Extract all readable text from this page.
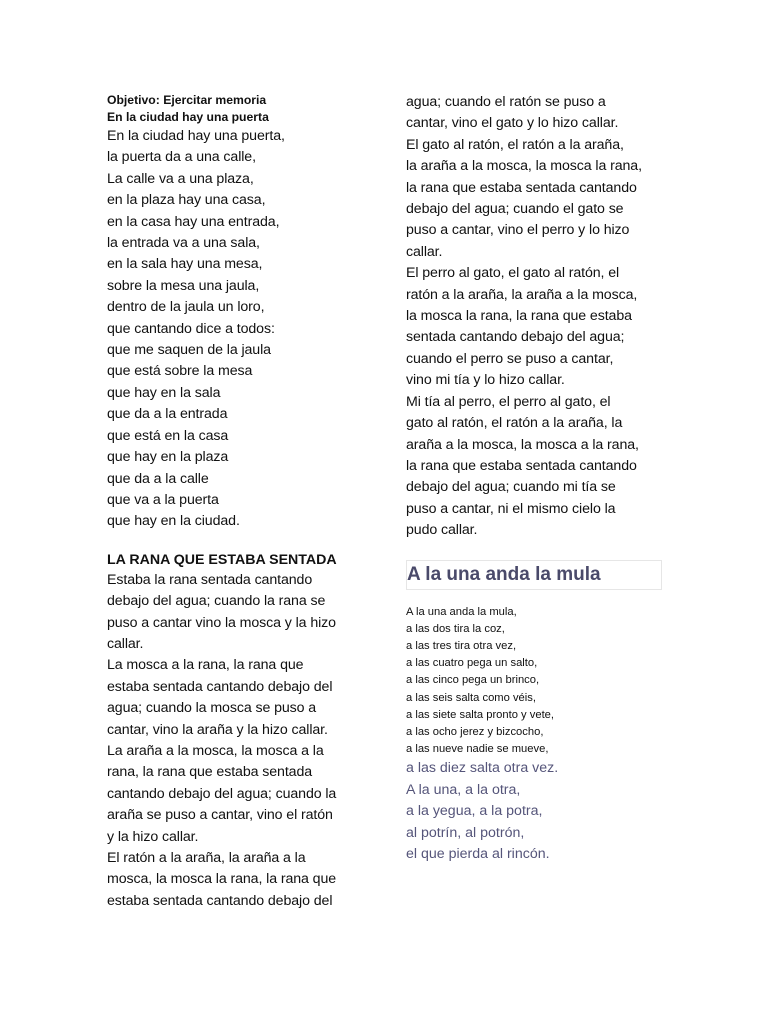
Objetivo: Ejercitar memoria
En la ciudad hay una puerta
En la ciudad hay una puerta,
la puerta da a una calle,
La calle va a una plaza,
en la plaza hay una casa,
en la casa hay una entrada,
la entrada va a una sala,
en la sala hay una mesa,
sobre la mesa una jaula,
dentro de la jaula un loro,
que cantando dice a todos:
que me saquen de la jaula
que está sobre la mesa
que hay en la sala
que da a la entrada
que está en la casa
que hay en la plaza
que da a la calle
que va a la puerta
que hay en la ciudad.
LA RANA QUE ESTABA SENTADA
Estaba la rana sentada cantando
debajo del agua; cuando la rana se
puso a cantar vino la mosca y la hizo
callar.
La mosca a la rana, la rana que
estaba sentada cantando debajo del
agua; cuando la mosca se puso a
cantar, vino la araña y la hizo callar.
La araña a la mosca, la mosca a la
rana, la rana que estaba sentada
cantando debajo del agua; cuando la
araña se puso a cantar, vino el ratón
y la hizo callar.
El ratón a la araña, la araña a la
mosca, la mosca la rana, la rana que
estaba sentada cantando debajo del
agua; cuando el ratón se puso a
cantar, vino el gato y lo hizo callar.
El gato al ratón, el ratón a la araña,
la araña a la mosca, la mosca la rana,
la rana que estaba sentada cantando
debajo del agua; cuando el gato se
puso a cantar, vino el perro y lo hizo
callar.
El perro al gato, el gato al ratón, el
ratón a la araña, la araña a la mosca,
la mosca la rana, la rana que estaba
sentada cantando debajo del agua;
cuando el perro se puso a cantar,
vino mi tía y lo hizo callar.
Mi tía al perro, el perro al gato, el
gato al ratón, el ratón a la araña, la
araña a la mosca, la mosca a la rana,
la rana que estaba sentada cantando
debajo del agua; cuando mi tía se
puso a cantar, ni el mismo cielo la
pudo callar.
A la una anda la mula
A la una anda la mula,
a las dos tira la coz,
a las tres tira otra vez,
a las cuatro pega un salto,
a las cinco pega un brinco,
a las seis salta como véis,
a las siete salta pronto y vete,
a las ocho jerez y bizcocho,
a las nueve nadie se mueve,
a las diez salta otra vez.
A la una, a la otra,
a la yegua, a la potra,
al potrín, al potrón,
el que pierda al rincón.
